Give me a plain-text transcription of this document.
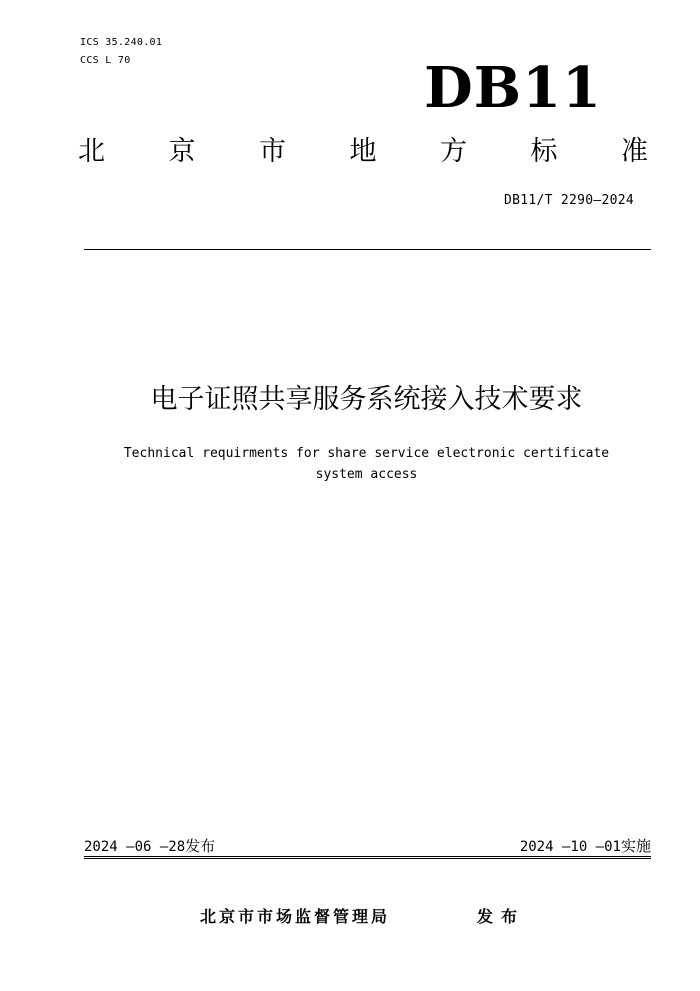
ICS 35.240.01
CCS L 70	DB11
北 京 市 地 方 标 准
DB11/T 2290—2024
电子证照共享服务系统接入技术要求
Technical requirments for share service electronic certificate
system access
2024 —06 —28发布	2024 —10 —01实施
北京市市场监督管理局	发布
